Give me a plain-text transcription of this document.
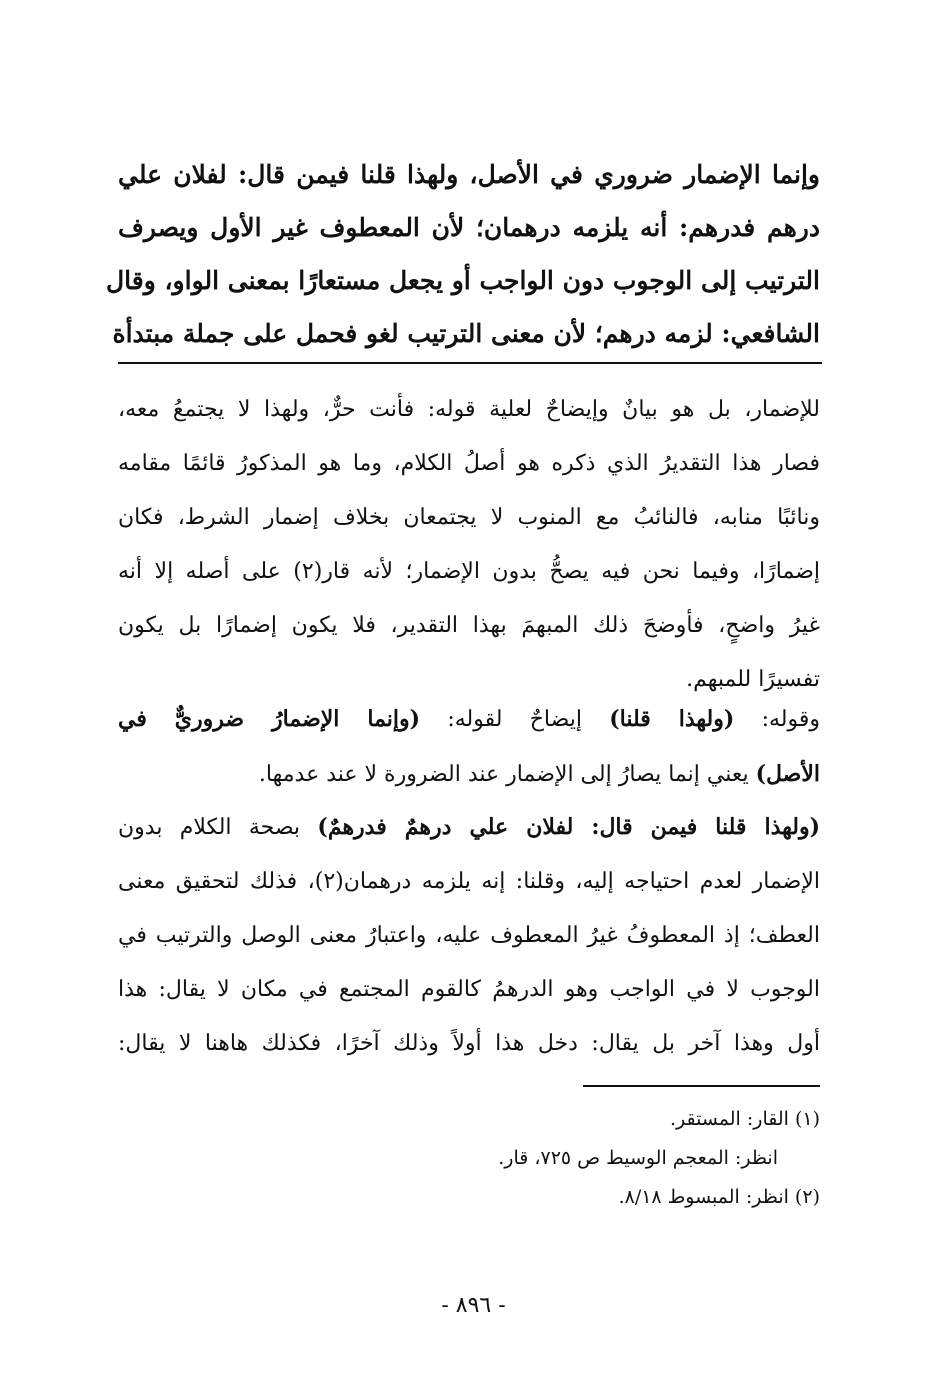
وإنما الإضمار ضروري في الأصل، ولهذا قلنا فيمن قال: لفلان علي
درهم فدرهم: أنه يلزمه درهمان؛ لأن المعطوف غير الأول ويصرف
الترتيب إلى الوجوب دون الواجب أو يجعل مستعارًا بمعنى الواو، وقال
الشافعي: لزمه درهم؛ لأن معنى الترتيب لغو فحمل على جملة مبتدأة
للإضمار، بل هو بيانٌ وإيضاحٌ لعلية قوله: فأنت حرٌّ، ولهذا لا يجتمعُ معه،
فصار هذا التقديرُ الذي ذكره هو أصلُ الكلام، وما هو المذكورُ قائمًا مقامه
ونائبًا منابه، فالنائبُ مع المنوب لا يجتمعان بخلاف إضمار الشرط، فكان
إضمارًا، وفيما نحن فيه يصحُّ بدون الإضمار؛ لأنه قار(٢) على أصله إلا أنه
غيرُ واضحٍ، فأوضحَ ذلك المبهمَ بهذا التقدير، فلا يكون إضمارًا بل يكون
تفسيرًا للمبهم.
وقوله: (ولهذا قلنا) إيضاحٌ لقوله: (وإنما الإضمارُ ضروريٌّ في
الأصل) يعني إنما يصارُ إلى الإضمار عند الضرورة لا عند عدمها.
(ولهذا قلنا فيمن قال: لفلان علي درهمٌ فدرهمٌ) بصحة الكلام بدون
الإضمار لعدم احتياجه إليه، وقلنا: إنه يلزمه درهمان(٢)، فذلك لتحقيق معنى
العطف؛ إذ المعطوفُ غيرُ المعطوف عليه، واعتبارُ معنى الوصل والترتيب في
الوجوب لا في الواجب وهو الدرهمُ كالقوم المجتمع في مكان لا يقال: هذا
أول وهذا آخر بل يقال: دخل هذا أولاً وذلك آخرًا، فكذلك هاهنا لا يقال:
(١) القار: المستقر.
انظر: المعجم الوسيط ص ٧٢٥، قار.
(٢) انظر: المبسوط ٨/١٨.
- ٨٩٦ -
